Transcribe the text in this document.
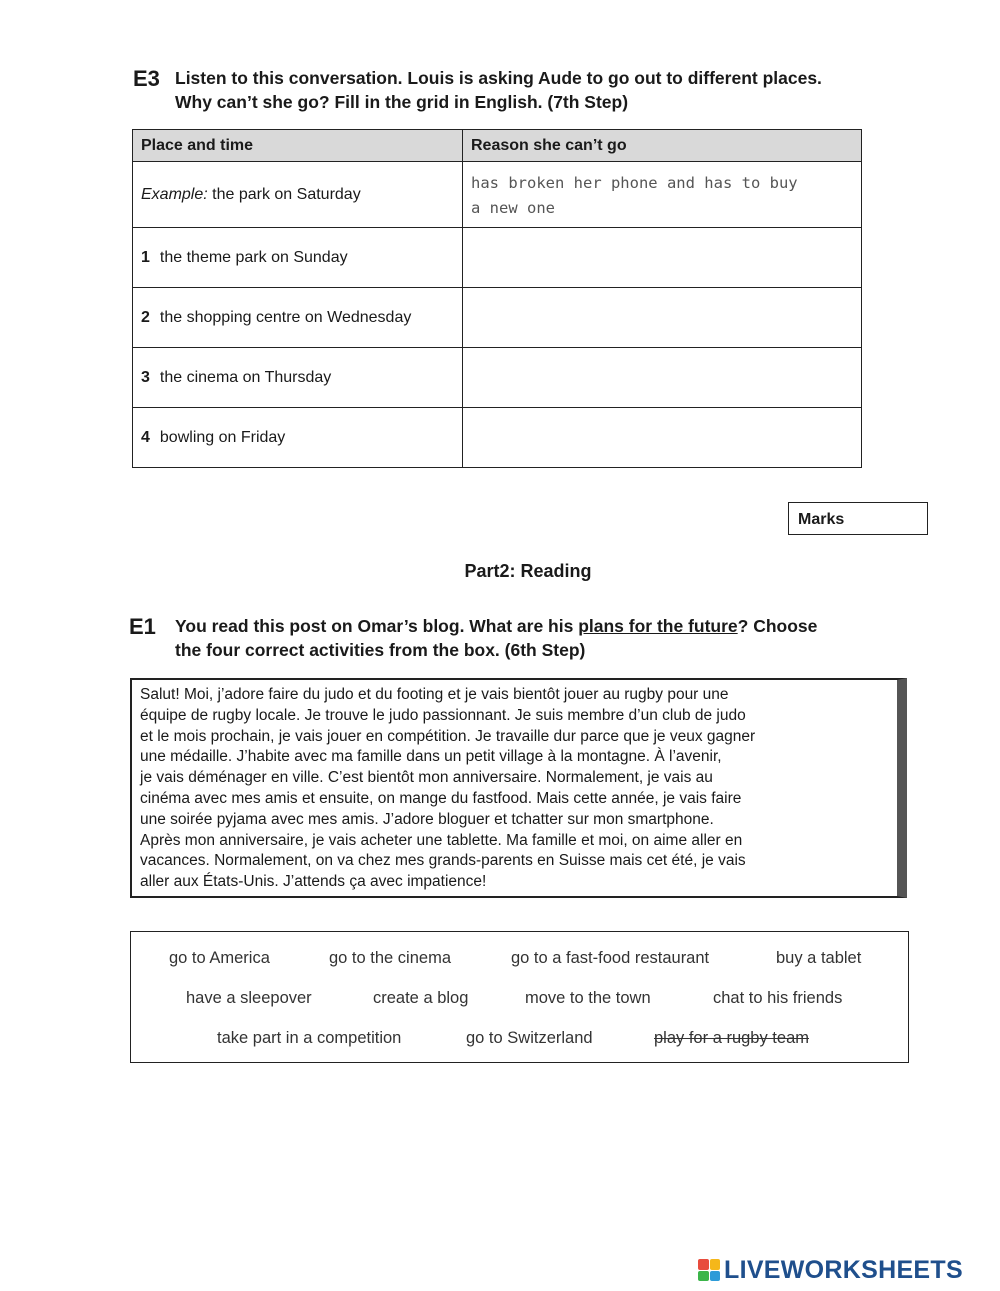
E3 Listen to this conversation. Louis is asking Aude to go out to different places.
Why can’t she go? Fill in the grid in English. (7th Step)
Place and time	Reason she can’t go
Example: the park on Saturday	has broken her phone and has to buy
a new one

1 the theme park on Sunday	
2 the shopping centre on Wednesday	
3 the cinema on Thursday	
4 bowling on Friday	
Marks
Part2: Reading
E1 You read this post on Omar’s blog. What are his plans for the future? Choose
the four correct activities from the box. (6th Step)
Salut! Moi, j’adore faire du judo et du footing et je vais bientôt jouer au rugby pour une
équipe de rugby locale. Je trouve le judo passionnant. Je suis membre d’un club de judo
et le mois prochain, je vais jouer en compétition. Je travaille dur parce que je veux gagner
une médaille. J’habite avec ma famille dans un petit village à la montagne. À l’avenir,
je vais déménager en ville. C’est bientôt mon anniversaire. Normalement, je vais au
cinéma avec mes amis et ensuite, on mange du fastfood. Mais cette année, je vais faire
une soirée pyjama avec mes amis. J’adore bloguer et tchatter sur mon smartphone.
Après mon anniversaire, je vais acheter une tablette. Ma famille et moi, on aime aller en
vacances. Normalement, on va chez mes grands-parents en Suisse mais cet été, je vais
aller aux États-Unis. J’attends ça avec impatience!
go to America	go to the cinema	go to a fast-food restaurant	buy a tablet
have a sleepover	create a blog	move to the town	chat to his friends
take part in a competition	go to Switzerland	play for a rugby team
LIVEWORKSHEETS
